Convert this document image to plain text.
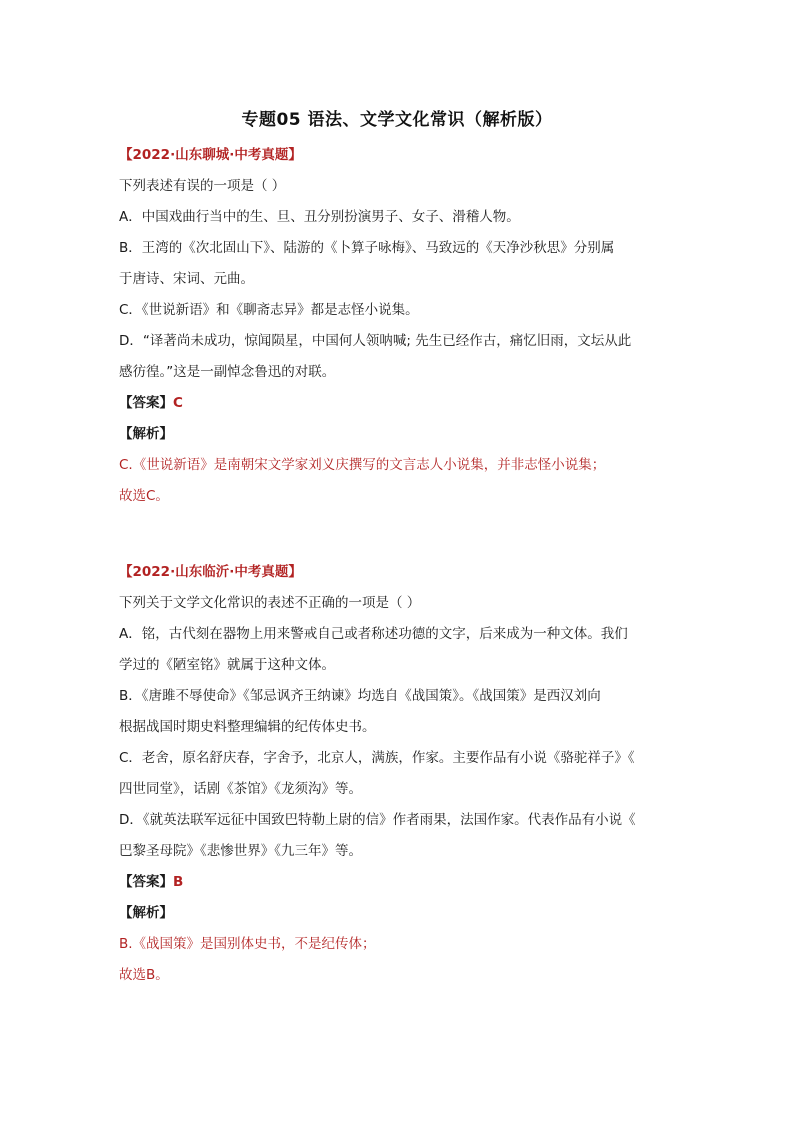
专题05 语法、文学文化常识（解析版）
【2022·山东聊城·中考真题】
下列表述有误的一项是（ ）
A．中国戏曲行当中的生、旦、丑分别扮演男子、女子、滑稽人物。
B．王湾的《次北固山下》、陆游的《卜算子咏梅》、马致远的《天净沙秋思》分别属
于唐诗、宋词、元曲。
C．《世说新语》和《聊斋志异》都是志怪小说集。
D．“译著尚未成功，惊闻陨星，中国何人领呐喊; 先生已经作古，痛忆旧雨，文坛从此
感彷徨。”这是一副悼念鲁迅的对联。
【答案】C
【解析】
C.《世说新语》是南朝宋文学家刘义庆撰写的文言志人小说集，并非志怪小说集；
故选C。
【2022·山东临沂·中考真题】
下列关于文学文化常识的表述不正确的一项是（ ）
A．铭，古代刻在器物上用来警戒自己或者称述功德的文字，后来成为一种文体。我们
学过的《陋室铭》就属于这种文体。
B．《唐雎不辱使命》《邹忌讽齐王纳谏》均选自《战国策》。《战国策》是西汉刘向
根据战国时期史料整理编辑的纪传体史书。
C．老舍，原名舒庆春，字舍予，北京人，满族，作家。主要作品有小说《骆驼祥子》《
四世同堂》，话剧《茶馆》《龙须沟》等。
D．《就英法联军远征中国致巴特勒上尉的信》作者雨果，法国作家。代表作品有小说《
巴黎圣母院》《悲惨世界》《九三年》等。
【答案】B
【解析】
B.《战国策》是国别体史书，不是纪传体；
故选B。
